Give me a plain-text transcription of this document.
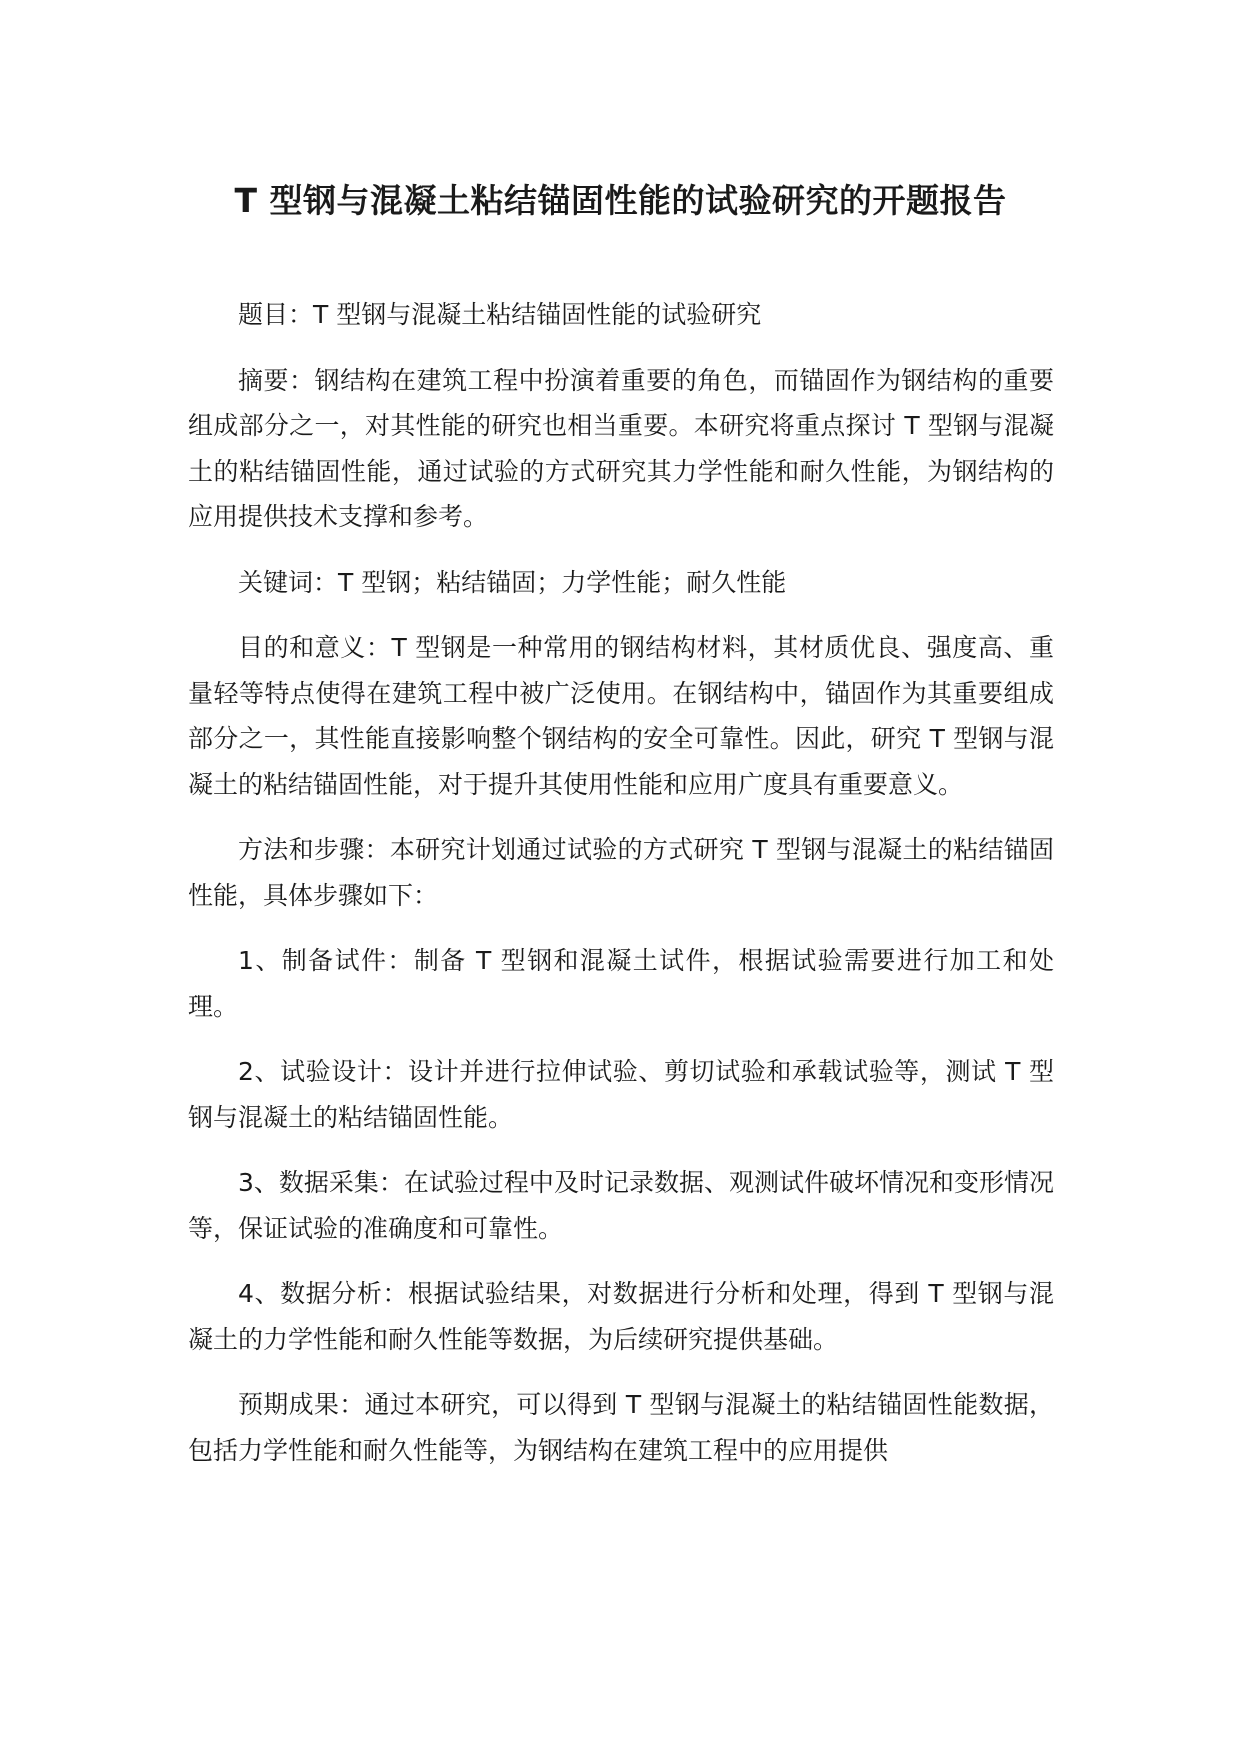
T 型钢与混凝土粘结锚固性能的试验研究的开题报告

题目：T 型钢与混凝土粘结锚固性能的试验研究

摘要：钢结构在建筑工程中扮演着重要的角色，而锚固作为钢结构的重要组成部分之一，对其性能的研究也相当重要。本研究将重点探讨 T 型钢与混凝土的粘结锚固性能，通过试验的方式研究其力学性能和耐久性能，为钢结构的应用提供技术支撑和参考。

关键词：T 型钢；粘结锚固；力学性能；耐久性能

目的和意义：T 型钢是一种常用的钢结构材料，其材质优良、强度高、重量轻等特点使得在建筑工程中被广泛使用。在钢结构中，锚固作为其重要组成部分之一，其性能直接影响整个钢结构的安全可靠性。因此，研究 T 型钢与混凝土的粘结锚固性能，对于提升其使用性能和应用广度具有重要意义。

方法和步骤：本研究计划通过试验的方式研究 T 型钢与混凝土的粘结锚固性能，具体步骤如下：

1、制备试件：制备 T 型钢和混凝土试件，根据试验需要进行加工和处理。

2、试验设计：设计并进行拉伸试验、剪切试验和承载试验等，测试 T 型钢与混凝土的粘结锚固性能。

3、数据采集：在试验过程中及时记录数据、观测试件破坏情况和变形情况等，保证试验的准确度和可靠性。

4、数据分析：根据试验结果，对数据进行分析和处理，得到 T 型钢与混凝土的力学性能和耐久性能等数据，为后续研究提供基础。

预期成果：通过本研究，可以得到 T 型钢与混凝土的粘结锚固性能数据，包括力学性能和耐久性能等，为钢结构在建筑工程中的应用提供
